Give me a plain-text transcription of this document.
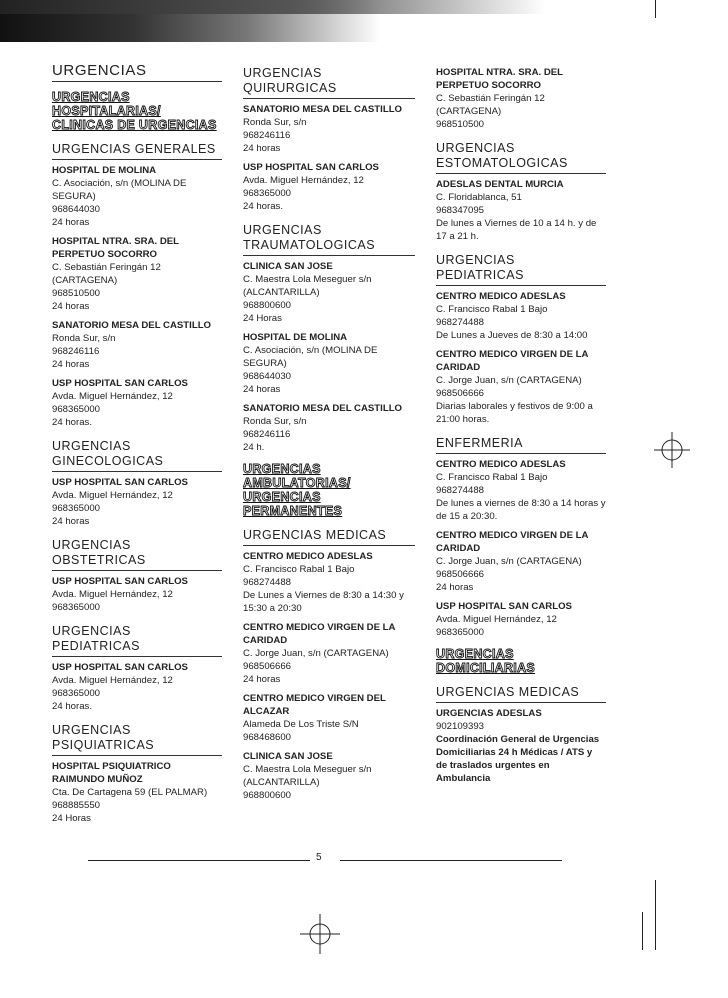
URGENCIAS
URGENCIAS
HOSPITALARIAS/
CLINICAS DE URGENCIAS
URGENCIAS GENERALES
HOSPITAL DE MOLINA
C. Asociación, s/n (MOLINA DE SEGURA)
968644030
24 horas
HOSPITAL NTRA. SRA. DEL PERPETUO SOCORRO
C. Sebastián Feringán 12 (CARTAGENA)
968510500
24 horas
SANATORIO MESA DEL CASTILLO
Ronda Sur, s/n
968246116
24 horas
USP HOSPITAL SAN CARLOS
Avda. Miguel Hernández, 12
968365000
24 horas.
URGENCIAS GINECOLOGICAS
USP HOSPITAL SAN CARLOS
Avda. Miguel Hernández, 12
968365000
24 horas
URGENCIAS OBSTETRICAS
USP HOSPITAL SAN CARLOS
Avda. Miguel Hernández, 12
968365000
URGENCIAS PEDIATRICAS
USP HOSPITAL SAN CARLOS
Avda. Miguel Hernández, 12
968365000
24 horas.
URGENCIAS PSIQUIATRICAS
HOSPITAL PSIQUIATRICO RAIMUNDO MUÑOZ
Cta. De Cartagena 59 (EL PALMAR)
968885550
24 Horas
URGENCIAS QUIRURGICAS
SANATORIO MESA DEL CASTILLO
Ronda Sur, s/n
968246116
24 horas
USP HOSPITAL SAN CARLOS
Avda. Miguel Hernández, 12
968365000
24 horas.
URGENCIAS TRAUMATOLOGICAS
CLINICA SAN JOSE
C. Maestra Lola Meseguer s/n
(ALCANTARILLA)
968800600
24 Horas
HOSPITAL DE MOLINA
C. Asociación, s/n (MOLINA DE SEGURA)
968644030
24 horas
SANATORIO MESA DEL CASTILLO
Ronda Sur, s/n
968246116
24 h.
URGENCIAS
AMBULATORIAS/
URGENCIAS PERMANENTES
URGENCIAS MEDICAS
CENTRO MEDICO ADESLAS
C. Francisco Rabal 1 Bajo
968274488
De Lunes a Viernes de 8:30 a 14:30 y 15:30 a 20:30
CENTRO MEDICO VIRGEN DE LA CARIDAD
C. Jorge Juan, s/n (CARTAGENA)
968506666
24 horas
CENTRO MEDICO VIRGEN DEL ALCAZAR
Alameda De Los Triste S/N
968468600
CLINICA SAN JOSE
C. Maestra Lola Meseguer s/n
(ALCANTARILLA)
968800600
HOSPITAL NTRA. SRA. DEL PERPETUO SOCORRO
C. Sebastián Feringán 12 (CARTAGENA)
968510500
URGENCIAS ESTOMATOLOGICAS
ADESLAS DENTAL MURCIA
C. Floridablanca, 51
968347095
De lunes a Viernes de 10 a 14 h. y de 17 a 21 h.
URGENCIAS PEDIATRICAS
CENTRO MEDICO ADESLAS
C. Francisco Rabal 1 Bajo
968274488
De Lunes a Jueves de 8:30 a 14:00
CENTRO MEDICO VIRGEN DE LA CARIDAD
C. Jorge Juan, s/n (CARTAGENA)
968506666
Diarias laborales y festivos de 9:00 a 21:00 horas.
ENFERMERIA
CENTRO MEDICO ADESLAS
C. Francisco Rabal 1 Bajo
968274488
De lunes a viernes de 8:30 a 14 horas y de 15 a 20:30.
CENTRO MEDICO VIRGEN DE LA CARIDAD
C. Jorge Juan, s/n (CARTAGENA)
968506666
24 horas
USP HOSPITAL SAN CARLOS
Avda. Miguel Hernández, 12
968365000
URGENCIAS
DOMICILIARIAS
URGENCIAS MEDICAS
URGENCIAS ADESLAS
902109393
Coordinación General de Urgencias Domiciliarias 24 h Médicas / ATS y de traslados urgentes en Ambulancia
5
